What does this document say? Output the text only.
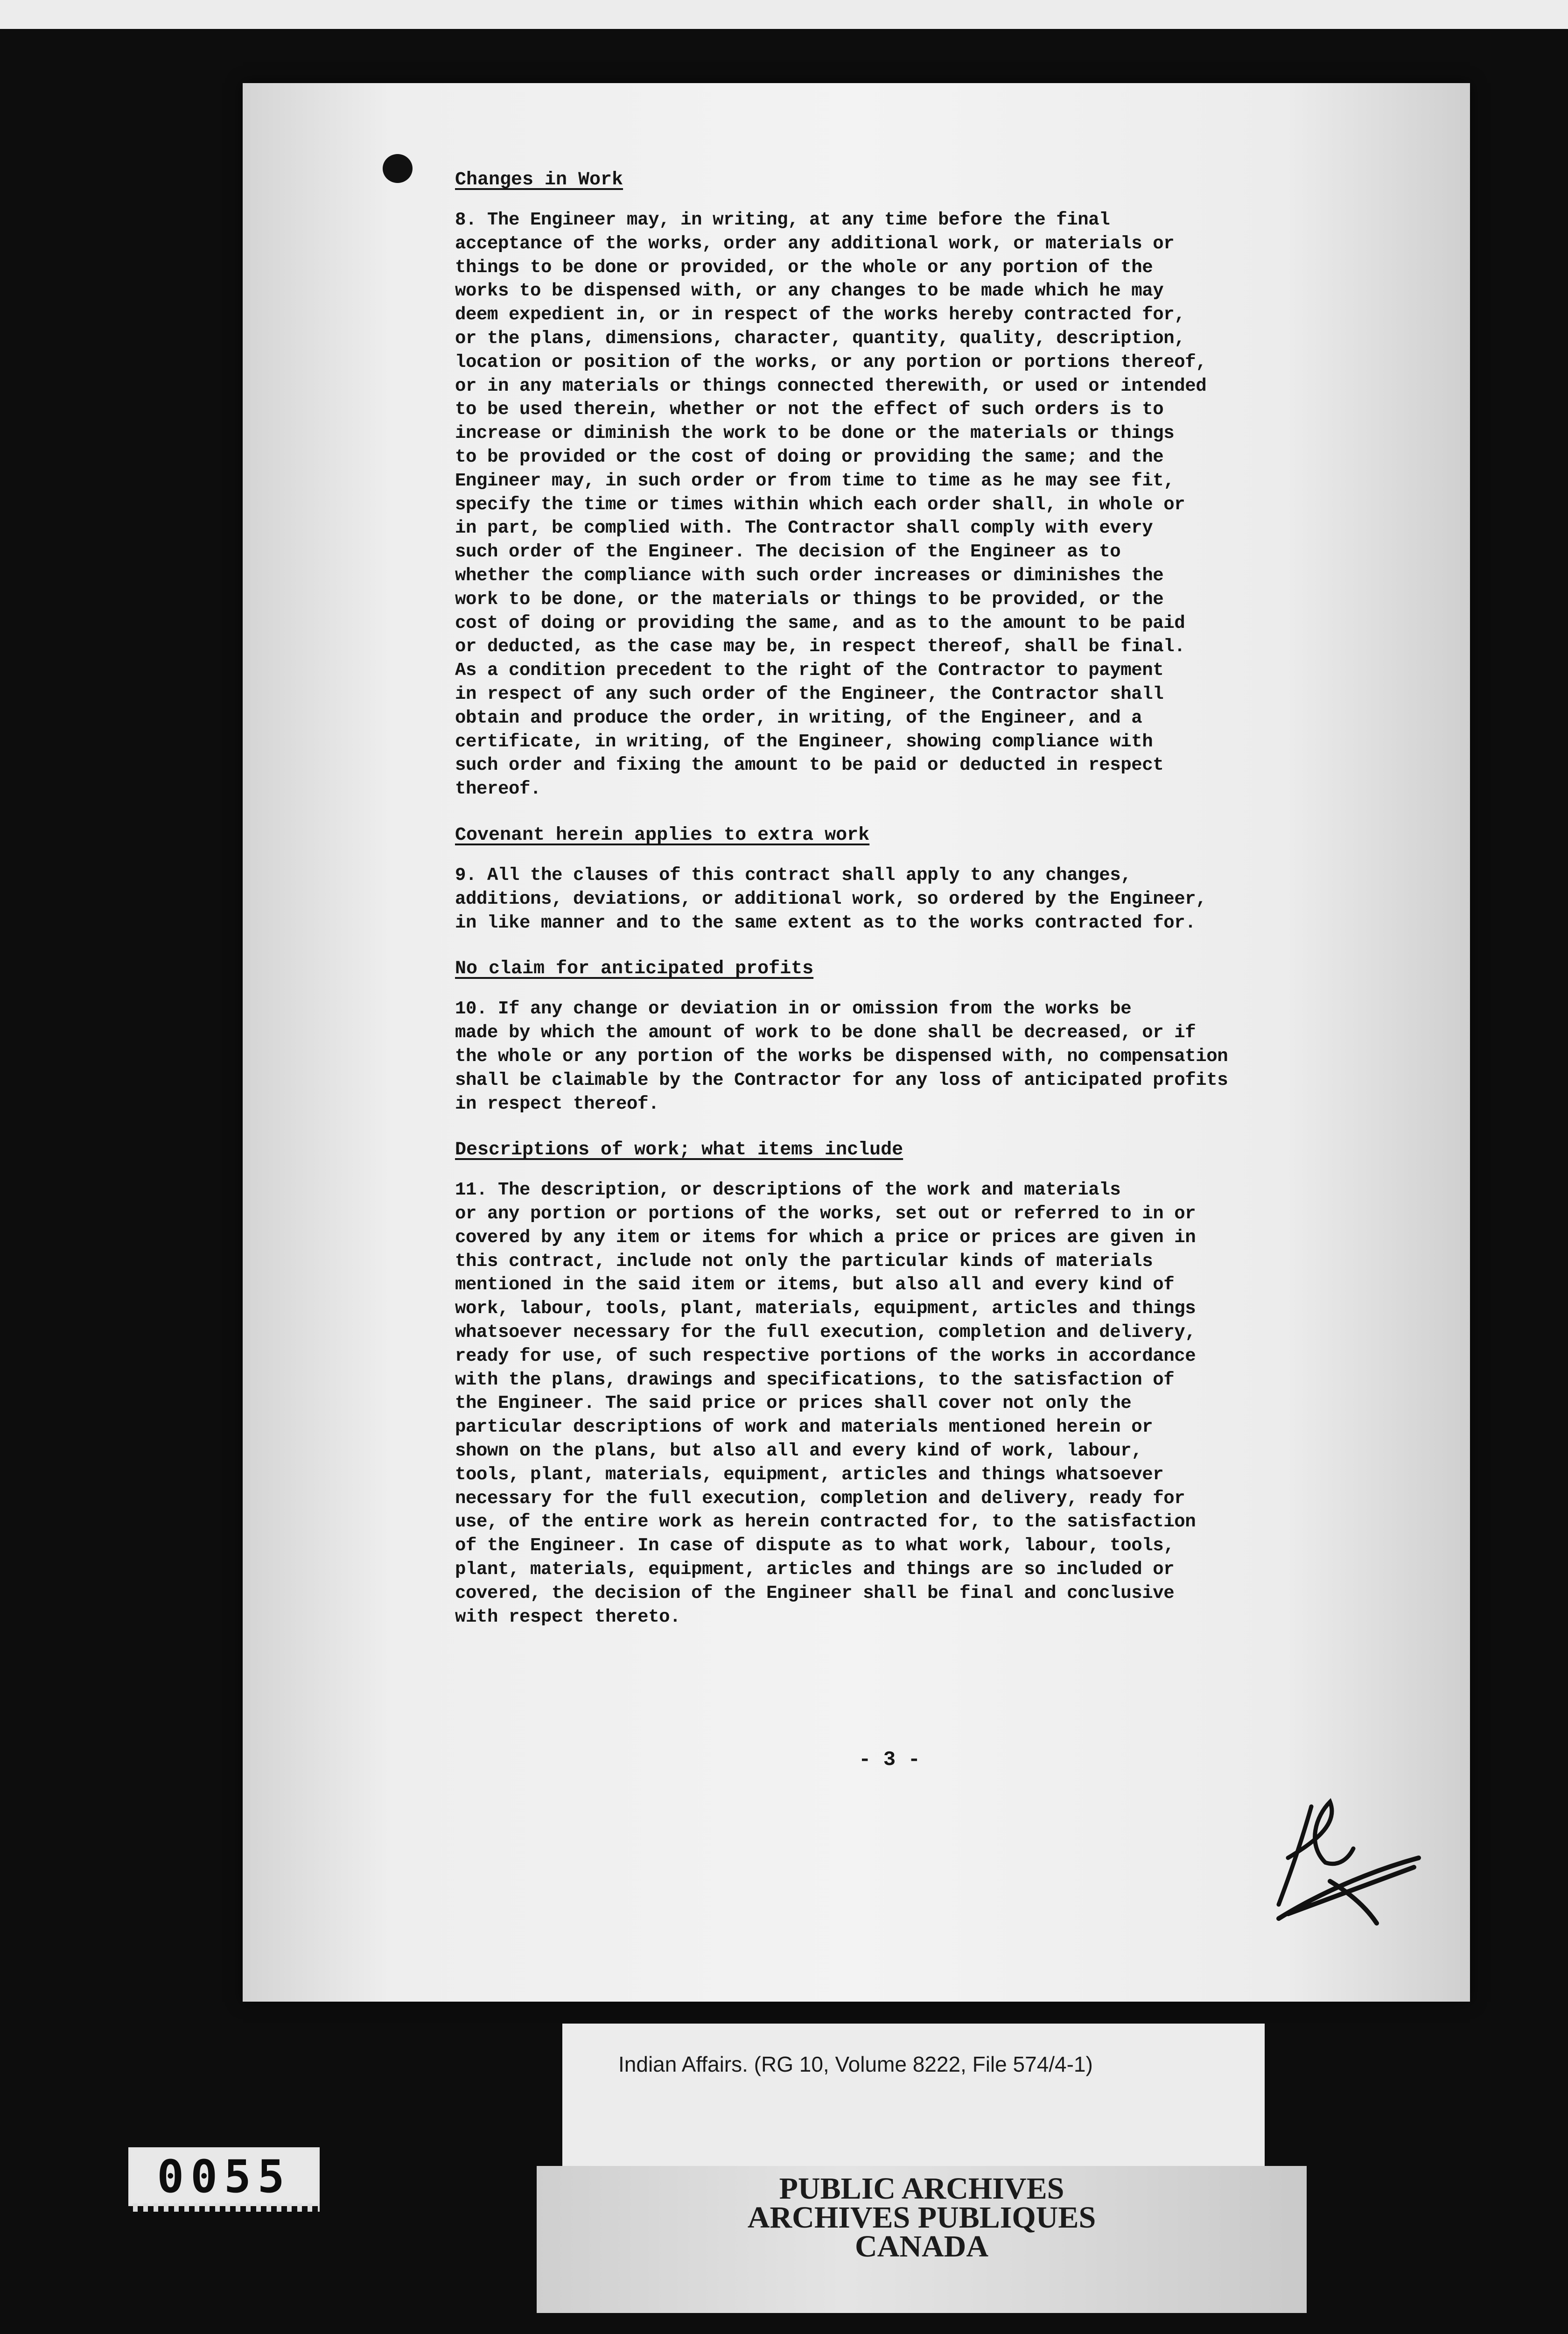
Changes in Work

8. The Engineer may, in writing, at any time before the final
acceptance of the works, order any additional work, or materials or
things to be done or provided, or the whole or any portion of the
works to be dispensed with, or any changes to be made which he may
deem expedient in, or in respect of the works hereby contracted for,
or the plans, dimensions, character, quantity, quality, description,
location or position of the works, or any portion or portions thereof,
or in any materials or things connected therewith, or used or intended
to be used therein, whether or not the effect of such orders is to
increase or diminish the work to be done or the materials or things
to be provided or the cost of doing or providing the same; and the
Engineer may, in such order or from time to time as he may see fit,
specify the time or times within which each order shall, in whole or
in part, be complied with. The Contractor shall comply with every
such order of the Engineer. The decision of the Engineer as to
whether the compliance with such order increases or diminishes the
work to be done, or the materials or things to be provided, or the
cost of doing or providing the same, and as to the amount to be paid
or deducted, as the case may be, in respect thereof, shall be final.
As a condition precedent to the right of the Contractor to payment
in respect of any such order of the Engineer, the Contractor shall
obtain and produce the order, in writing, of the Engineer, and a
certificate, in writing, of the Engineer, showing compliance with
such order and fixing the amount to be paid or deducted in respect
thereof.

Covenant herein applies to extra work

9. All the clauses of this contract shall apply to any changes,
additions, deviations, or additional work, so ordered by the Engineer,
in like manner and to the same extent as to the works contracted for.

No claim for anticipated profits

10. If any change or deviation in or omission from the works be
made by which the amount of work to be done shall be decreased, or if
the whole or any portion of the works be dispensed with, no compensation
shall be claimable by the Contractor for any loss of anticipated profits
in respect thereof.

Descriptions of work; what items include

11. The description, or descriptions of the work and materials
or any portion or portions of the works, set out or referred to in or
covered by any item or items for which a price or prices are given in
this contract, include not only the particular kinds of materials
mentioned in the said item or items, but also all and every kind of
work, labour, tools, plant, materials, equipment, articles and things
whatsoever necessary for the full execution, completion and delivery,
ready for use, of such respective portions of the works in accordance
with the plans, drawings and specifications, to the satisfaction of
the Engineer. The said price or prices shall cover not only the
particular descriptions of work and materials mentioned herein or
shown on the plans, but also all and every kind of work, labour,
tools, plant, materials, equipment, articles and things whatsoever
necessary for the full execution, completion and delivery, ready for
use, of the entire work as herein contracted for, to the satisfaction
of the Engineer. In case of dispute as to what work, labour, tools,
plant, materials, equipment, articles and things are so included or
covered, the decision of the Engineer shall be final and conclusive
with respect thereto.

- 3 -
Indian Affairs. (RG 10, Volume 8222, File 574/4-1)
0055	PUBLIC ARCHIVES
ARCHIVES PUBLIQUES
CANADA
